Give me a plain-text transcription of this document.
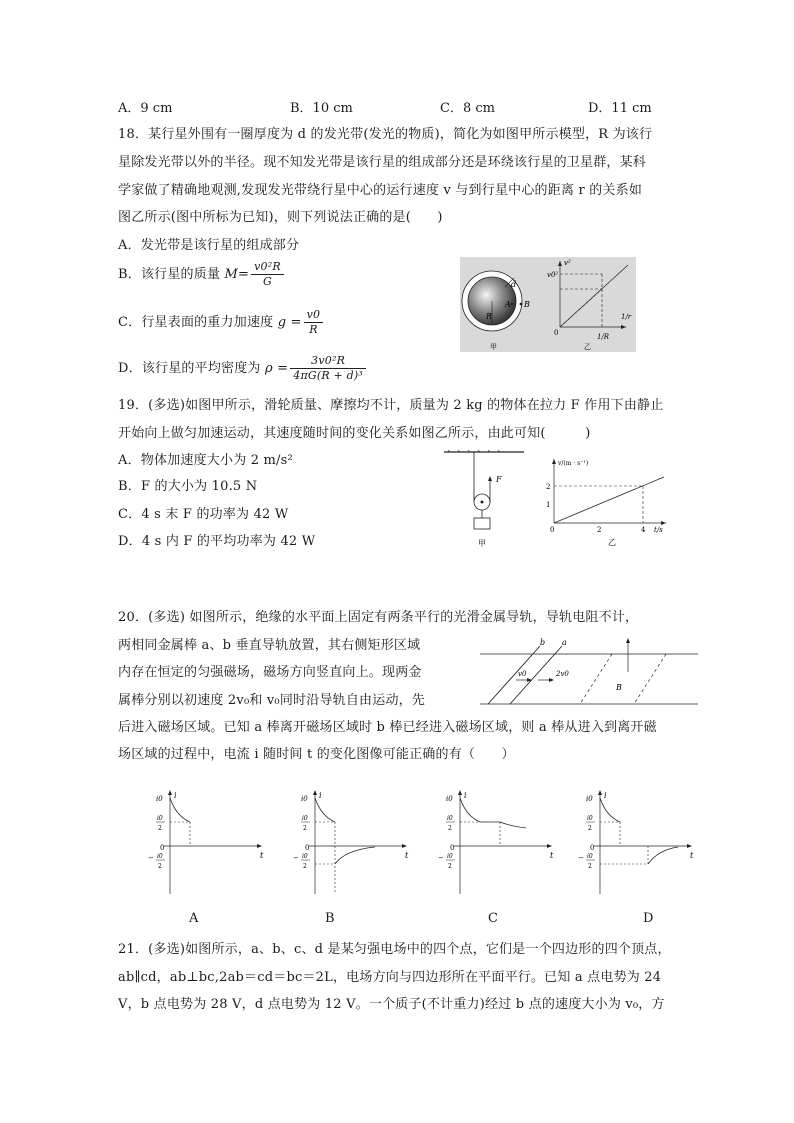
A．9 cm	B．10 cm	C．8 cm	D．11 cm
18．某行星外围有一圈厚度为 d 的发光带(发光的物质)，简化为如图甲所示模型，R 为该行
星除发光带以外的半径。现不知发光带是该行星的组成部分还是环绕该行星的卫星群，某科
学家做了精确地观测,发现发光带绕行星中心的运行速度 v 与到行星中心的距离 r 的关系如
图乙所示(图中所标为已知)，则下列说法正确的是(　　)
A．发光带是该行星的组成部分
B．该行星的质量 $M= \frac{\text{v0²R}}{G}$
C．行星表面的重力加速度 $g = \frac{v0}{R}$
D．该行星的平均密度为 $\rho = \frac{\text{3v0²R}}{\text{4πG(R + d)³}}$
d
A B
R
甲
v²
v0²
0
1/r
1/R
乙
19．(多选)如图甲所示，滑轮质量、摩擦均不计，质量为 2 kg 的物体在拉力 F 作用下由静止
开始向上做匀加速运动，其速度随时间的变化关系如图乙所示，由此可知(　　　)
A．物体加速度大小为 2 m/s²
B．F 的大小为 10.5 N
C．4 s 末 F 的功率为 42 W
D．4 s 内 F 的平均功率为 42 W
F
甲
v/(m · s⁻¹)
2
1
0	2	4 t/s
乙
20．(多选) 如图所示，绝缘的水平面上固定有两条平行的光滑金属导轨，导轨电阻不计，
两相同金属棒 a、b 垂直导轨放置，其右侧矩形区域
内存在恒定的匀强磁场，磁场方向竖直向上。现两金
属棒分别以初速度 2v₀和 v₀同时沿导轨自由运动，先
后进入磁场区域。已知 a 棒离开磁场区域时 b 棒已经进入磁场区域，则 a 棒从进入到离开磁
场区域的过程中，电流 i 随时间 t 的变化图像可能正确的有（　　）
b a
v0	2v0
B
i0 i
t
0
i0
2
− i0
2
i0 i
t
0
i0
2
− i0
2
i0 i
t
0
i0
2
− i0
2
i0 i
t
0
i0
2
− i0
2
A	B	C	D
21．(多选)如图所示，a、b、c、d 是某匀强电场中的四个点，它们是一个四边形的四个顶点，
ab∥cd，ab⊥bc,2ab＝cd＝bc＝2L，电场方向与四边形所在平面平行。已知 a 点电势为 24
V，b 点电势为 28 V，d 点电势为 12 V。一个质子(不计重力)经过 b 点的速度大小为 v₀，方
